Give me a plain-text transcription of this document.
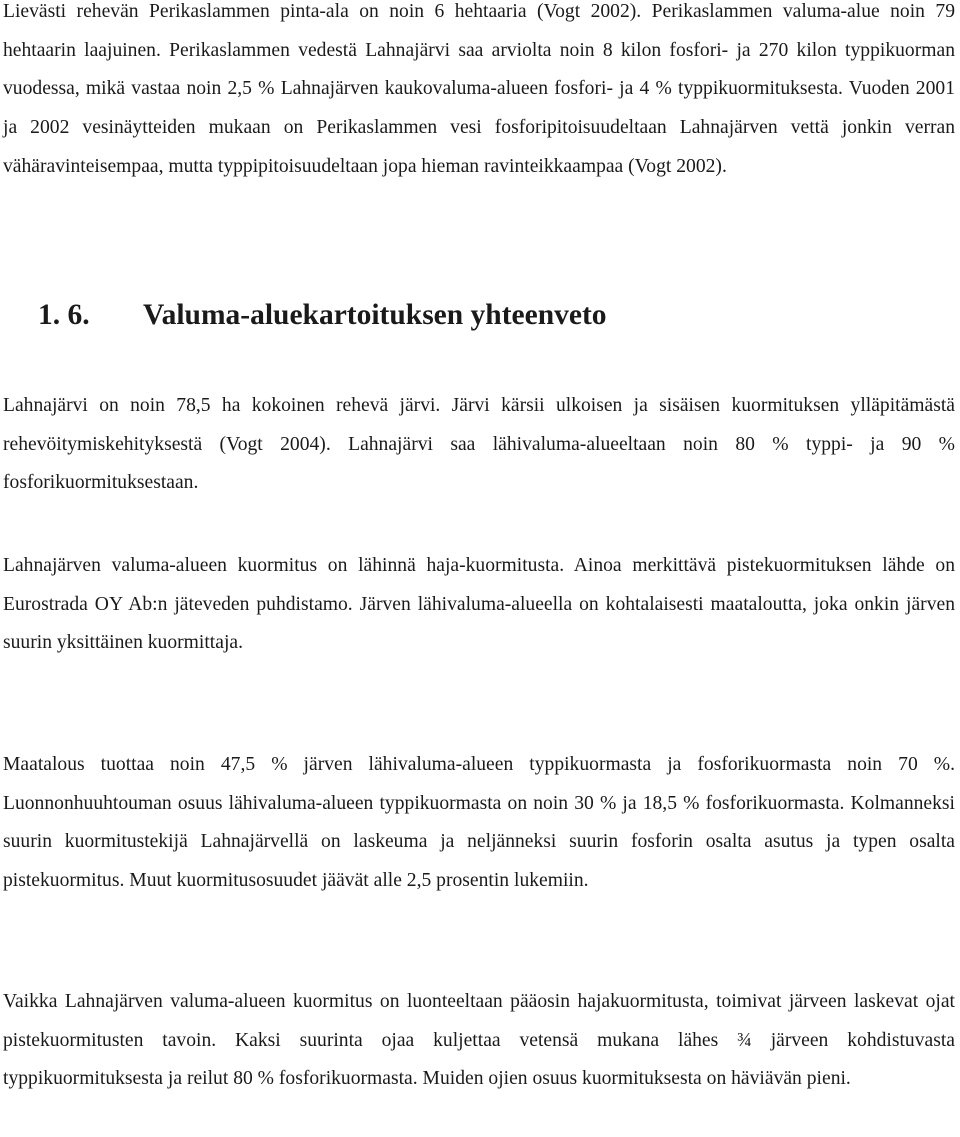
Lievästi rehevän Perikaslammen pinta-ala on noin 6 hehtaaria (Vogt 2002). Perikaslammen valuma-alue noin 79 hehtaarin laajuinen. Perikaslammen vedestä Lahnajärvi saa arviolta noin 8 kilon fosfori- ja 270 kilon typpikuorman vuodessa, mikä vastaa noin 2,5 % Lahnajärven kaukovaluma-alueen fosfori- ja 4 % typpikuormituksesta. Vuoden 2001 ja 2002 vesinäytteiden mukaan on Perikaslammen vesi fosforipitoisuudeltaan Lahnajärven vettä jonkin verran vähäravinteisempaa, mutta typpipitoisuudeltaan jopa hieman ravinteikkaampaa (Vogt 2002).

1. 6. Valuma-aluekartoituksen yhteenveto

Lahnajärvi on noin 78,5 ha kokoinen rehevä järvi. Järvi kärsii ulkoisen ja sisäisen kuormituksen ylläpitämästä rehevöitymiskehityksestä (Vogt 2004). Lahnajärvi saa lähivaluma-alueeltaan noin 80 % typpi- ja 90 % fosforikuormituksestaan.

Lahnajärven valuma-alueen kuormitus on lähinnä haja-kuormitusta. Ainoa merkittävä pistekuormituksen lähde on Eurostrada OY Ab:n jäteveden puhdistamo. Järven lähivaluma-alueella on kohtalaisesti maataloutta, joka onkin järven suurin yksittäinen kuormittaja.

Maatalous tuottaa noin 47,5 % järven lähivaluma-alueen typpikuormasta ja fosforikuormasta noin 70 %. Luonnonhuuhtouman osuus lähivaluma-alueen typpikuormasta on noin 30 % ja 18,5 % fosforikuormasta. Kolmanneksi suurin kuormitustekijä Lahnajärvellä on laskeuma ja neljänneksi suurin fosforin osalta asutus ja typen osalta pistekuormitus. Muut kuormitusosuudet jäävät alle 2,5 prosentin lukemiin.

Vaikka Lahnajärven valuma-alueen kuormitus on luonteeltaan pääosin hajakuormitusta, toimivat järveen laskevat ojat pistekuormitusten tavoin. Kaksi suurinta ojaa kuljettaa vetensä mukana lähes ¾ järveen kohdistuvasta typpikuormituksesta ja reilut 80 % fosforikuormasta. Muiden ojien osuus kuormituksesta on häviävän pieni.
